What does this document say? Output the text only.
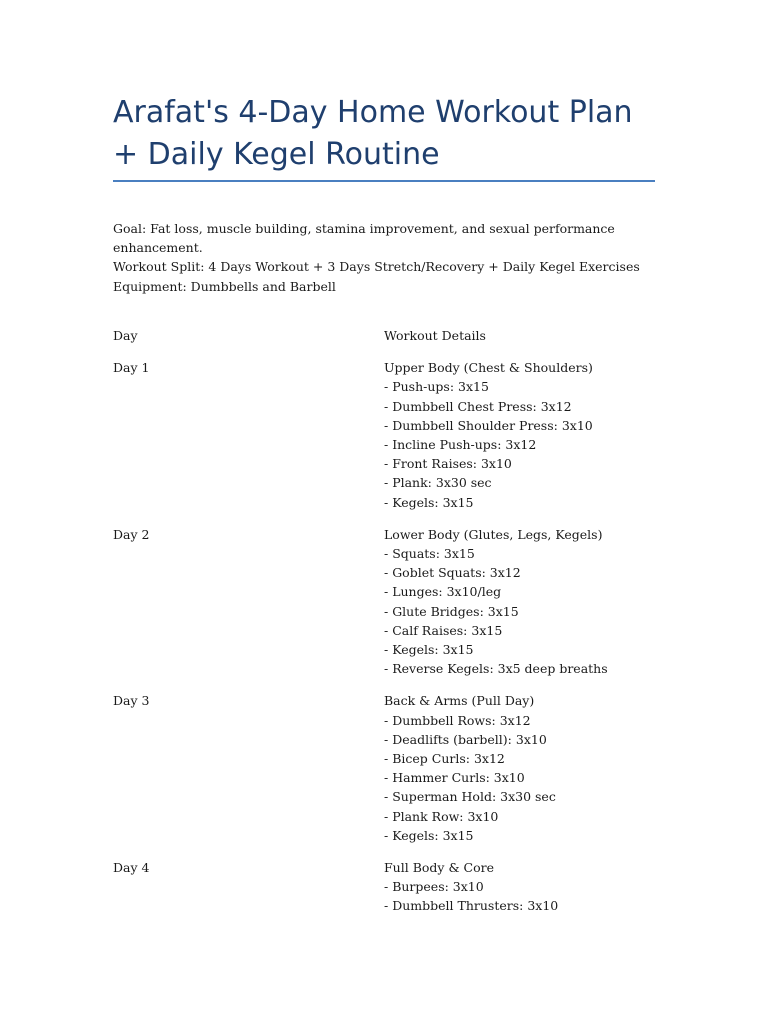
Arafat's 4-Day Home Workout Plan + Daily Kegel Routine

Goal: Fat loss, muscle building, stamina improvement, and sexual performance enhancement.

Workout Split: 4 Days Workout + 3 Days Stretch/Recovery + Daily Kegel Exercises

Equipment: Dumbbells and Barbell

Day	Workout Details
Day 1	Upper Body (Chest & Shoulders)
- Push-ups: 3x15
- Dumbbell Chest Press: 3x12
- Dumbbell Shoulder Press: 3x10
- Incline Push-ups: 3x12
- Front Raises: 3x10
- Plank: 3x30 sec
- Kegels: 3x15
Day 2	Lower Body (Glutes, Legs, Kegels)
- Squats: 3x15
- Goblet Squats: 3x12
- Lunges: 3x10/leg
- Glute Bridges: 3x15
- Calf Raises: 3x15
- Kegels: 3x15
- Reverse Kegels: 3x5 deep breaths
Day 3	Back & Arms (Pull Day)
- Dumbbell Rows: 3x12
- Deadlifts (barbell): 3x10
- Bicep Curls: 3x12
- Hammer Curls: 3x10
- Superman Hold: 3x30 sec
- Plank Row: 3x10
- Kegels: 3x15
Day 4	Full Body & Core
- Burpees: 3x10
- Dumbbell Thrusters: 3x10
